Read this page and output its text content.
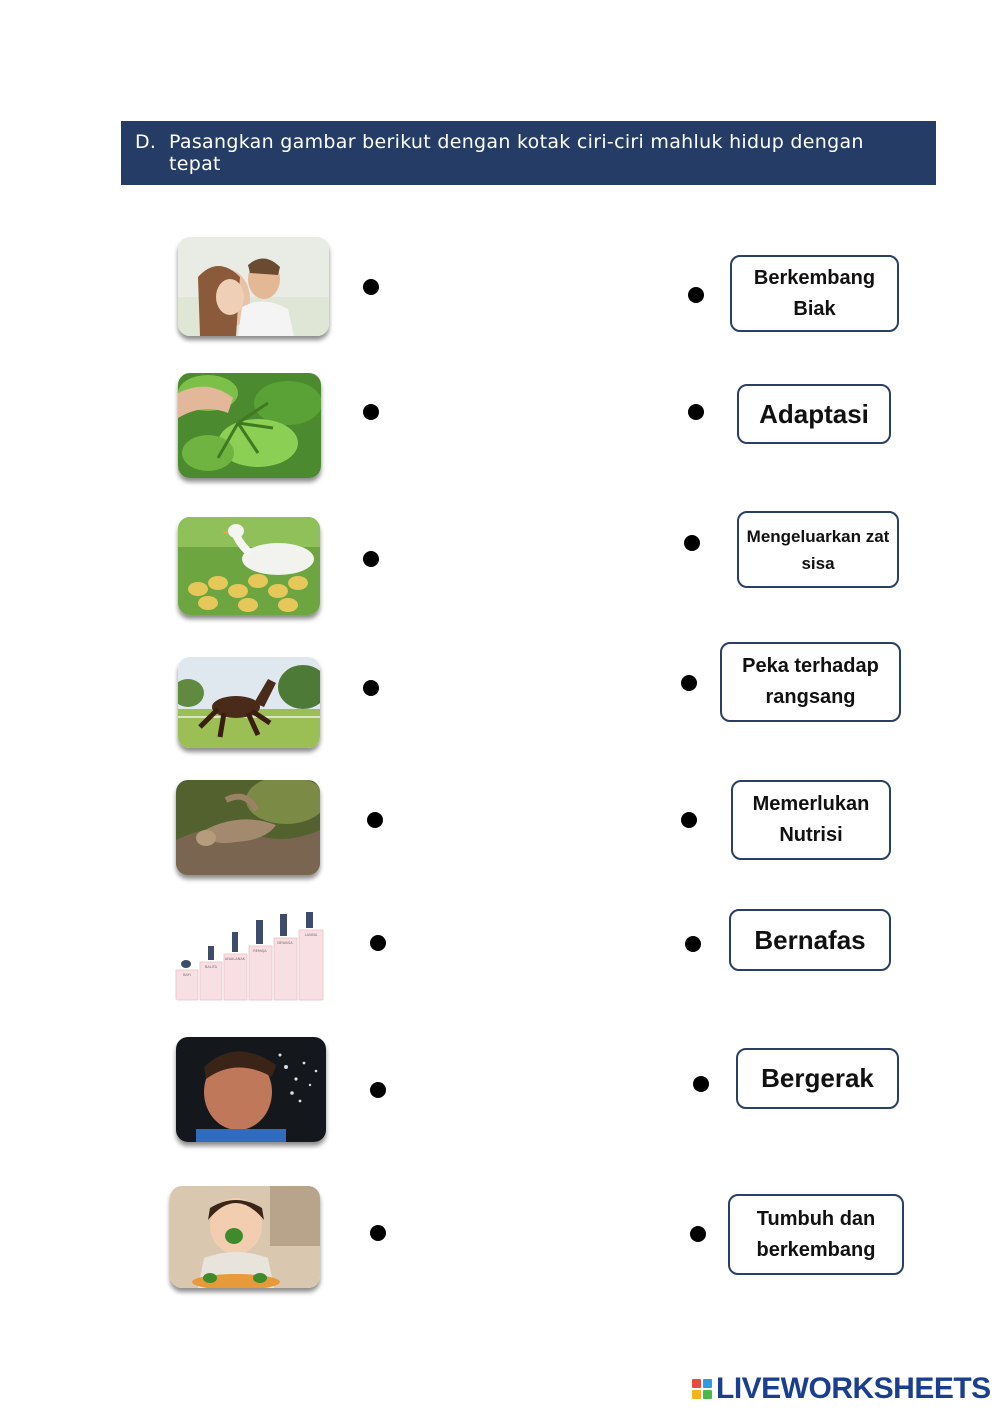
D. Pasangkan gambar berikut dengan kotak ciri-ciri mahluk hidup dengan tepat
BAYI
BALITA
ANAK-ANAK
REMAJA
DEWASA
LANSIA
Berkembang Biak
Adaptasi
Mengeluarkan zat sisa
Peka terhadap rangsang
Memerlukan Nutrisi
Bernafas
Bergerak
Tumbuh dan berkembang
LIVEWORKSHEETS
